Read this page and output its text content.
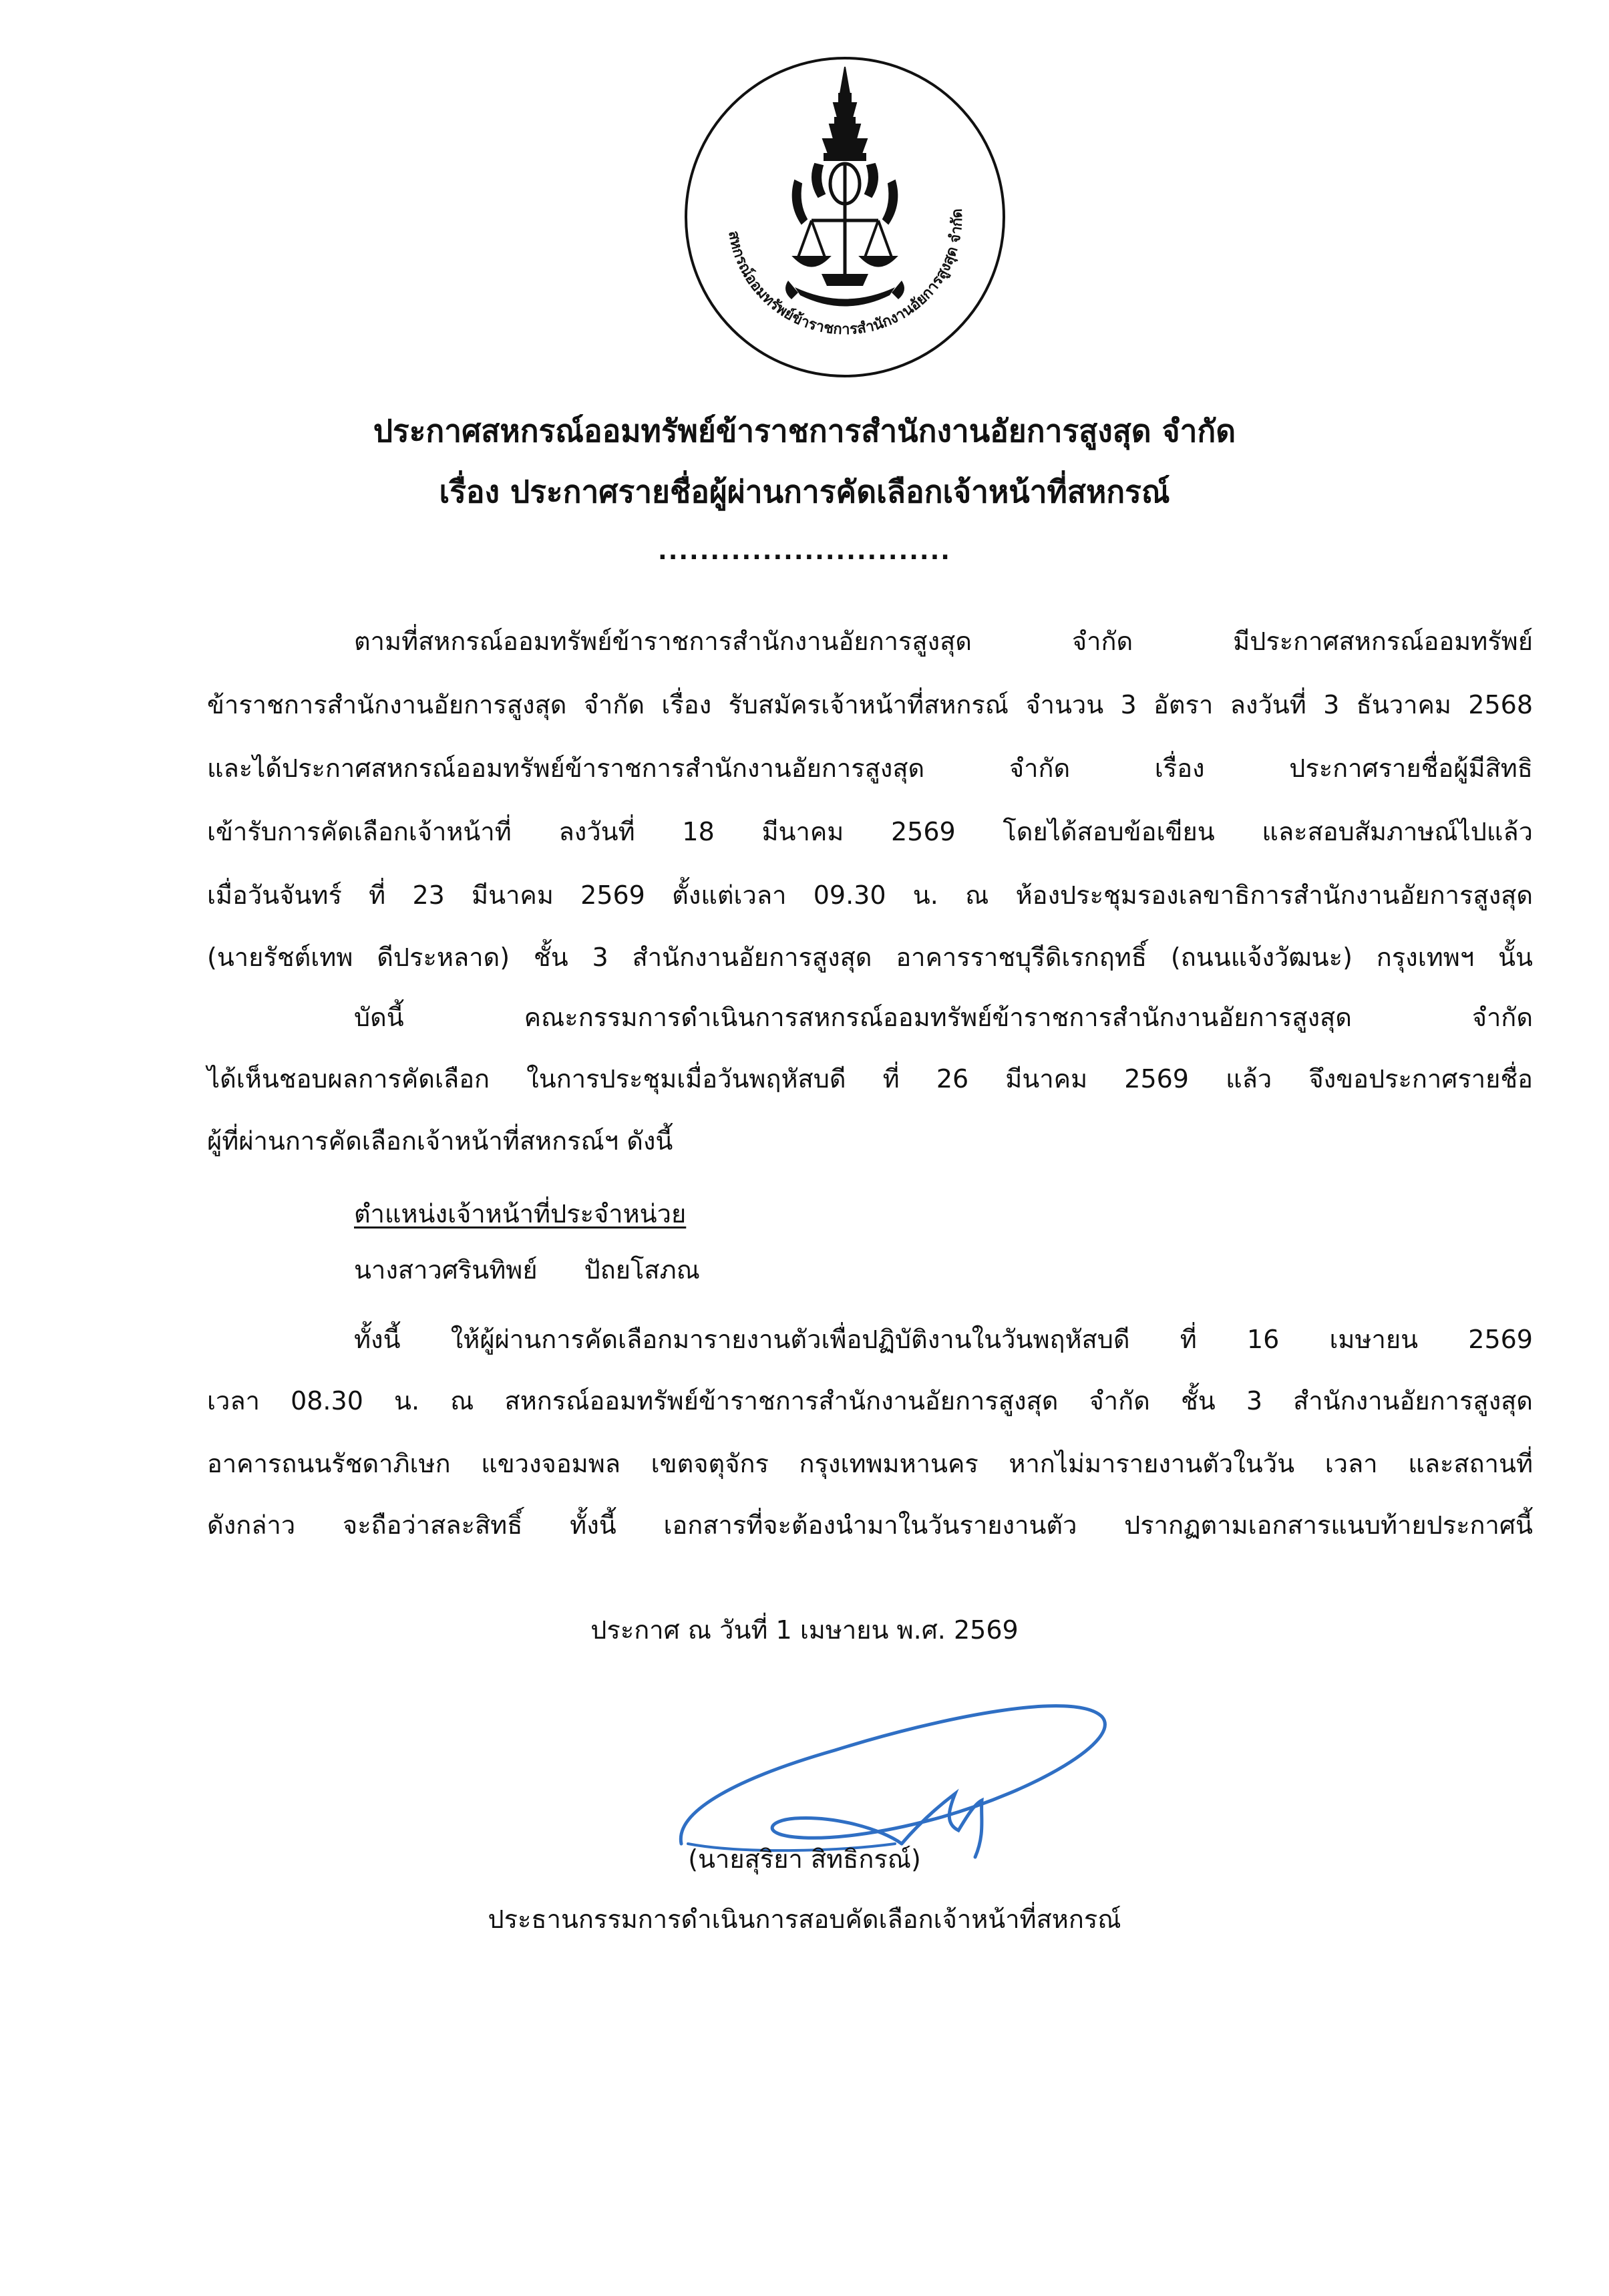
สหกรณ์ออมทรัพย์ข้าราชการสำนักงานอัยการสูงสุด จำกัด
ประกาศสหกรณ์ออมทรัพย์ข้าราชการสำนักงานอัยการสูงสุด จำกัด
เรื่อง ประกาศรายชื่อผู้ผ่านการคัดเลือกเจ้าหน้าที่สหกรณ์
............................
ตามที่สหกรณ์ออมทรัพย์ข้าราชการสำนักงานอัยการสูงสุด จำกัด มีประกาศสหกรณ์ออมทรัพย์
ข้าราชการสำนักงานอัยการสูงสุด จำกัด เรื่อง รับสมัครเจ้าหน้าที่สหกรณ์ จำนวน 3 อัตรา ลงวันที่ 3 ธันวาคม 2568
และได้ประกาศสหกรณ์ออมทรัพย์ข้าราชการสำนักงานอัยการสูงสุด จำกัด เรื่อง ประกาศรายชื่อผู้มีสิทธิ
เข้ารับการคัดเลือกเจ้าหน้าที่ ลงวันที่ 18 มีนาคม 2569 โดยได้สอบข้อเขียน และสอบสัมภาษณ์ไปแล้ว
เมื่อวันจันทร์ ที่ 23 มีนาคม 2569 ตั้งแต่เวลา 09.30 น. ณ ห้องประชุมรองเลขาธิการสำนักงานอัยการสูงสุด
(นายรัชต์เทพ ดีประหลาด) ชั้น 3 สำนักงานอัยการสูงสุด อาคารราชบุรีดิเรกฤทธิ์ (ถนนแจ้งวัฒนะ) กรุงเทพฯ นั้น
บัดนี้ คณะกรรมการดำเนินการสหกรณ์ออมทรัพย์ข้าราชการสำนักงานอัยการสูงสุด จำกัด
ได้เห็นชอบผลการคัดเลือก ในการประชุมเมื่อวันพฤหัสบดี ที่ 26 มีนาคม 2569 แล้ว จึงขอประกาศรายชื่อ
ผู้ที่ผ่านการคัดเลือกเจ้าหน้าที่สหกรณ์ฯ ดังนี้
ตำแหน่งเจ้าหน้าที่ประจำหน่วย
นางสาวศรินทิพย์ ปัถยโสภณ
ทั้งนี้ ให้ผู้ผ่านการคัดเลือกมารายงานตัวเพื่อปฏิบัติงานในวันพฤหัสบดี ที่ 16 เมษายน 2569
เวลา 08.30 น. ณ สหกรณ์ออมทรัพย์ข้าราชการสำนักงานอัยการสูงสุด จำกัด ชั้น 3 สำนักงานอัยการสูงสุด
อาคารถนนรัชดาภิเษก แขวงจอมพล เขตจตุจักร กรุงเทพมหานคร หากไม่มารายงานตัวในวัน เวลา และสถานที่
ดังกล่าว จะถือว่าสละสิทธิ์ ทั้งนี้ เอกสารที่จะต้องนำมาในวันรายงานตัว ปรากฏตามเอกสารแนบท้ายประกาศนี้
ประกาศ ณ วันที่ 1 เมษายน พ.ศ. 2569
(นายสุริยา สิทธิกรณ์)
ประธานกรรมการดำเนินการสอบคัดเลือกเจ้าหน้าที่สหกรณ์
